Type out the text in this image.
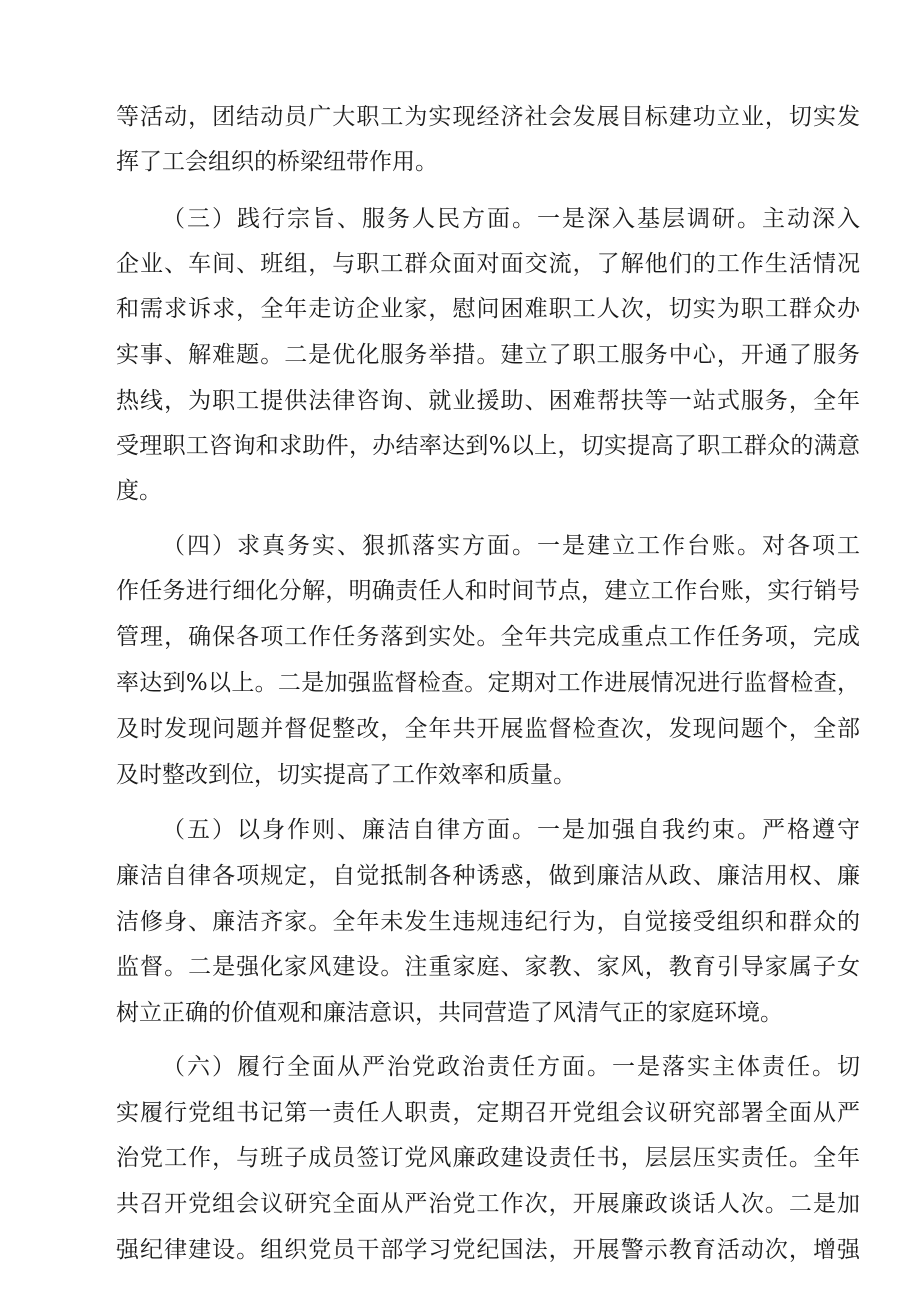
等活动，团结动员广大职工为实现经济社会发展目标建功立业，切实发
挥了工会组织的桥梁纽带作用。
（三）践行宗旨、服务人民方面。一是深入基层调研。主动深入
企业、车间、班组，与职工群众面对面交流，了解他们的工作生活情况
和需求诉求，全年走访企业家，慰问困难职工人次，切实为职工群众办
实事、解难题。二是优化服务举措。建立了职工服务中心，开通了服务
热线，为职工提供法律咨询、就业援助、困难帮扶等一站式服务，全年
受理职工咨询和求助件，办结率达到%以上，切实提高了职工群众的满意
度。
（四）求真务实、狠抓落实方面。一是建立工作台账。对各项工
作任务进行细化分解，明确责任人和时间节点，建立工作台账，实行销号
管理，确保各项工作任务落到实处。全年共完成重点工作任务项，完成
率达到%以上。二是加强监督检查。定期对工作进展情况进行监督检查，
及时发现问题并督促整改，全年共开展监督检查次，发现问题个，全部
及时整改到位，切实提高了工作效率和质量。
（五）以身作则、廉洁自律方面。一是加强自我约束。严格遵守
廉洁自律各项规定，自觉抵制各种诱惑，做到廉洁从政、廉洁用权、廉
洁修身、廉洁齐家。全年未发生违规违纪行为，自觉接受组织和群众的
监督。二是强化家风建设。注重家庭、家教、家风，教育引导家属子女
树立正确的价值观和廉洁意识，共同营造了风清气正的家庭环境。
（六）履行全面从严治党政治责任方面。一是落实主体责任。切
实履行党组书记第一责任人职责，定期召开党组会议研究部署全面从严
治党工作，与班子成员签订党风廉政建设责任书，层层压实责任。全年
共召开党组会议研究全面从严治党工作次，开展廉政谈话人次。二是加
强纪律建设。组织党员干部学习党纪国法，开展警示教育活动次，增强
